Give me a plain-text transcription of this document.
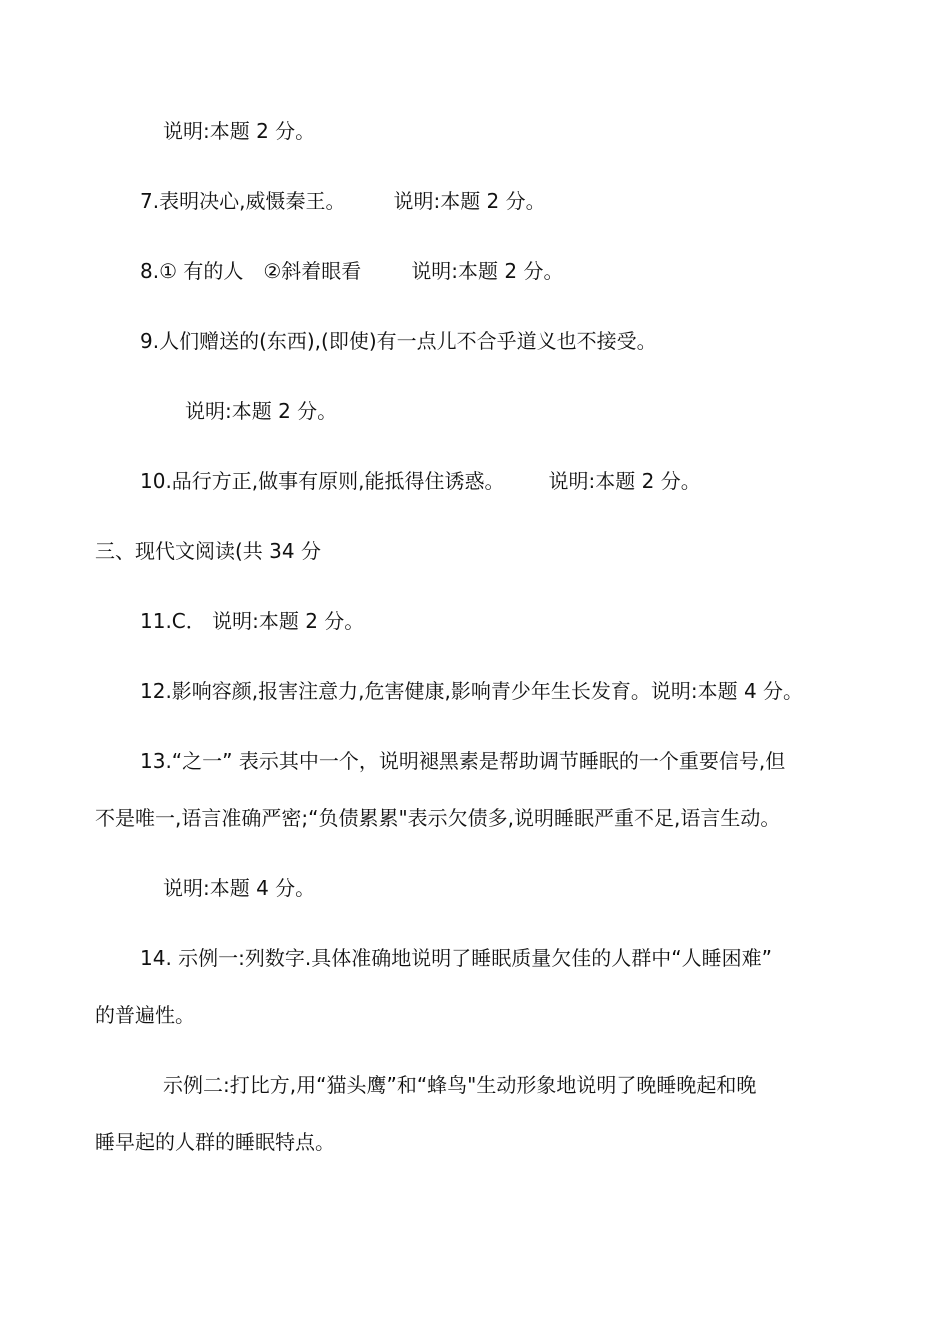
说明:本题 2 分。
7.表明决心,威慑秦王。 说明:本题 2 分。
8.① 有的人 ②斜着眼看	说明:本题 2 分。
9.人们赠送的(东西),(即使)有一点儿不合乎道义也不接受。
说明:本题 2 分。
10.品行方正,做事有原则,能抵得住诱惑。 说明:本题 2 分。
三、现代文阅读(共 34 分
11.C． 说明:本题 2 分。
12.影响容颜,报害注意力,危害健康,影响青少年生长发育。说明:本题 4 分。
13.“之一” 表示其中一个，说明褪黑素是帮助调节睡眠的一个重要信号,但
不是唯一,语言准确严密;“负债累累"表示欠债多,说明睡眠严重不足,语言生动。
说明:本题 4 分。
14. 示例一:列数字.具体准确地说明了睡眠质量欠佳的人群中“人睡困难”
的普遍性。
示例二:打比方,用“猫头鹰”和“蜂鸟"生动形象地说明了晚睡晚起和晚
睡早起的人群的睡眠特点。
